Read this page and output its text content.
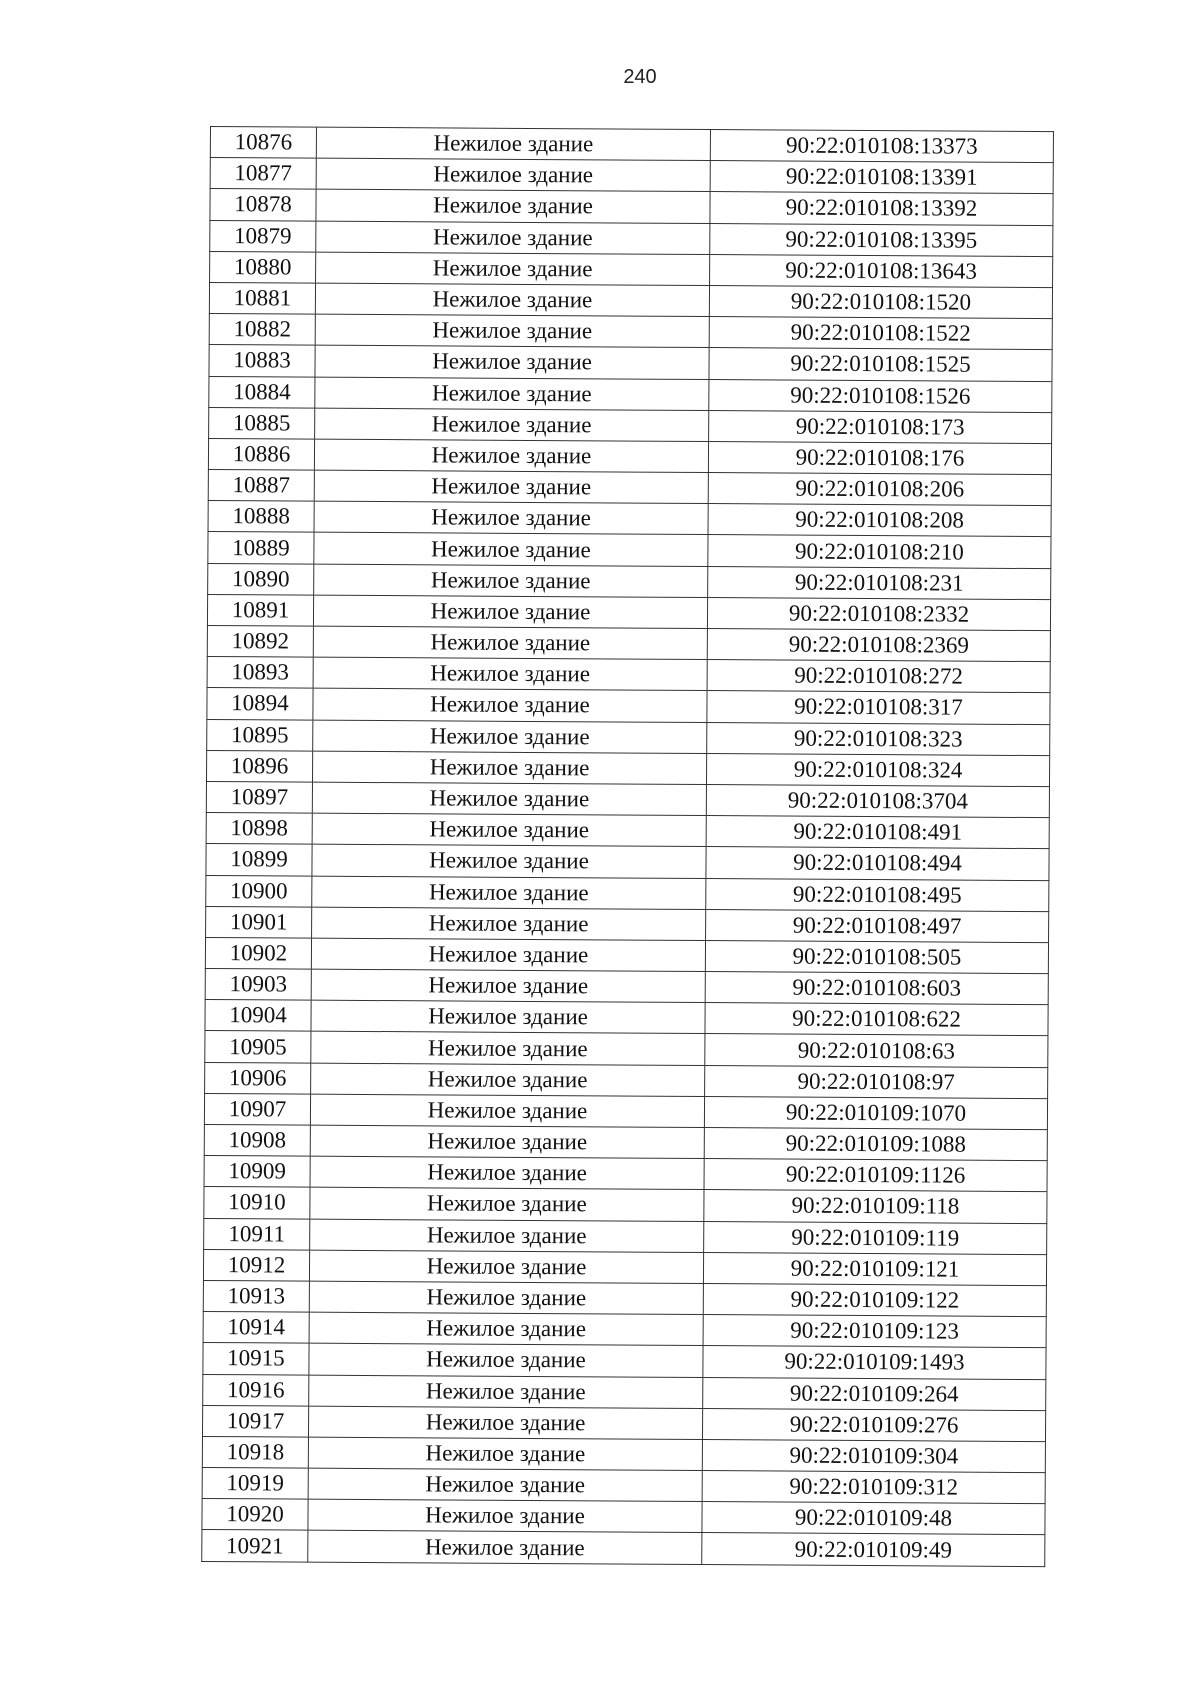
240
10876	Нежилое здание	90:22:010108:13373
10877	Нежилое здание	90:22:010108:13391
10878	Нежилое здание	90:22:010108:13392
10879	Нежилое здание	90:22:010108:13395
10880	Нежилое здание	90:22:010108:13643
10881	Нежилое здание	90:22:010108:1520
10882	Нежилое здание	90:22:010108:1522
10883	Нежилое здание	90:22:010108:1525
10884	Нежилое здание	90:22:010108:1526
10885	Нежилое здание	90:22:010108:173
10886	Нежилое здание	90:22:010108:176
10887	Нежилое здание	90:22:010108:206
10888	Нежилое здание	90:22:010108:208
10889	Нежилое здание	90:22:010108:210
10890	Нежилое здание	90:22:010108:231
10891	Нежилое здание	90:22:010108:2332
10892	Нежилое здание	90:22:010108:2369
10893	Нежилое здание	90:22:010108:272
10894	Нежилое здание	90:22:010108:317
10895	Нежилое здание	90:22:010108:323
10896	Нежилое здание	90:22:010108:324
10897	Нежилое здание	90:22:010108:3704
10898	Нежилое здание	90:22:010108:491
10899	Нежилое здание	90:22:010108:494
10900	Нежилое здание	90:22:010108:495
10901	Нежилое здание	90:22:010108:497
10902	Нежилое здание	90:22:010108:505
10903	Нежилое здание	90:22:010108:603
10904	Нежилое здание	90:22:010108:622
10905	Нежилое здание	90:22:010108:63
10906	Нежилое здание	90:22:010108:97
10907	Нежилое здание	90:22:010109:1070
10908	Нежилое здание	90:22:010109:1088
10909	Нежилое здание	90:22:010109:1126
10910	Нежилое здание	90:22:010109:118
10911	Нежилое здание	90:22:010109:119
10912	Нежилое здание	90:22:010109:121
10913	Нежилое здание	90:22:010109:122
10914	Нежилое здание	90:22:010109:123
10915	Нежилое здание	90:22:010109:1493
10916	Нежилое здание	90:22:010109:264
10917	Нежилое здание	90:22:010109:276
10918	Нежилое здание	90:22:010109:304
10919	Нежилое здание	90:22:010109:312
10920	Нежилое здание	90:22:010109:48
10921	Нежилое здание	90:22:010109:49
